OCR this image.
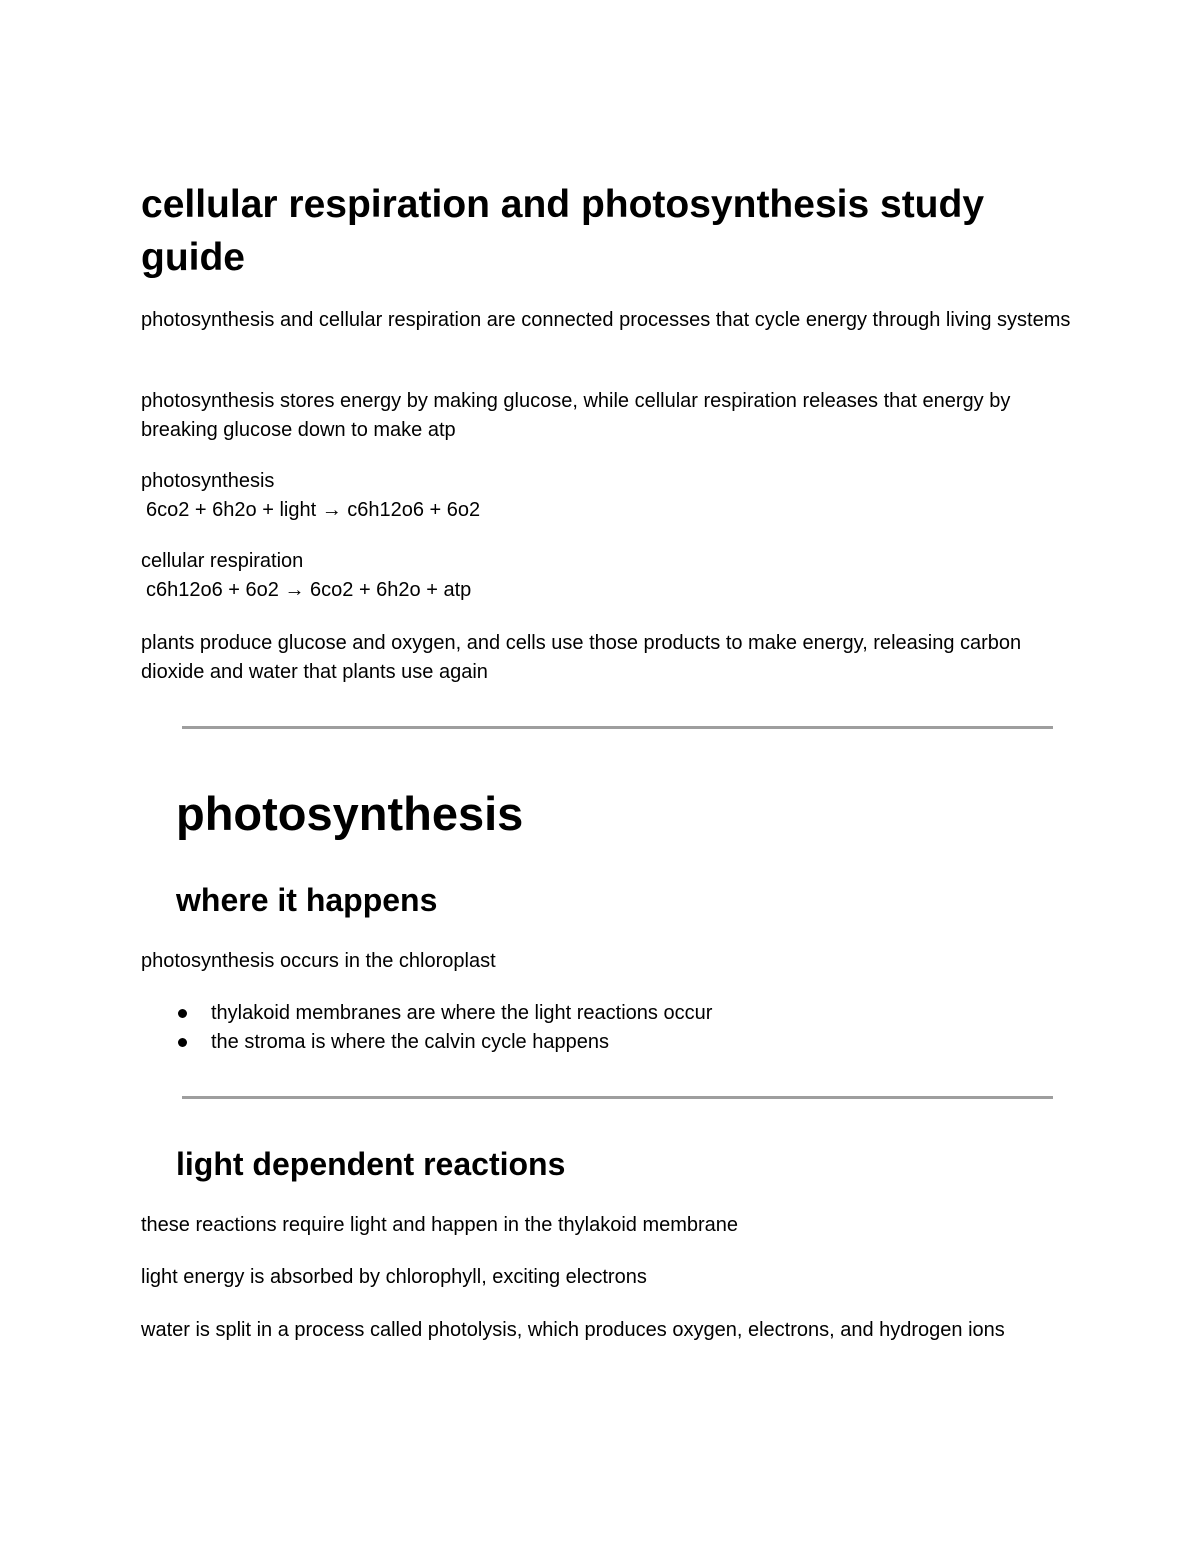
cellular respiration and photosynthesis study guide

photosynthesis and cellular respiration are connected processes that cycle energy through living systems

photosynthesis stores energy by making glucose, while cellular respiration releases that energy by breaking glucose down to make atp

photosynthesis
6co2 + 6h2o + light → c6h12o6 + 6o2

cellular respiration
c6h12o6 + 6o2 → 6co2 + 6h2o + atp

plants produce glucose and oxygen, and cells use those products to make energy, releasing carbon dioxide and water that plants use again

photosynthesis
where it happens

photosynthesis occurs in the chloroplast

thylakoid membranes are where the light reactions occur
the stroma is where the calvin cycle happens
light dependent reactions

these reactions require light and happen in the thylakoid membrane

light energy is absorbed by chlorophyll, exciting electrons

water is split in a process called photolysis, which produces oxygen, electrons, and hydrogen ions
